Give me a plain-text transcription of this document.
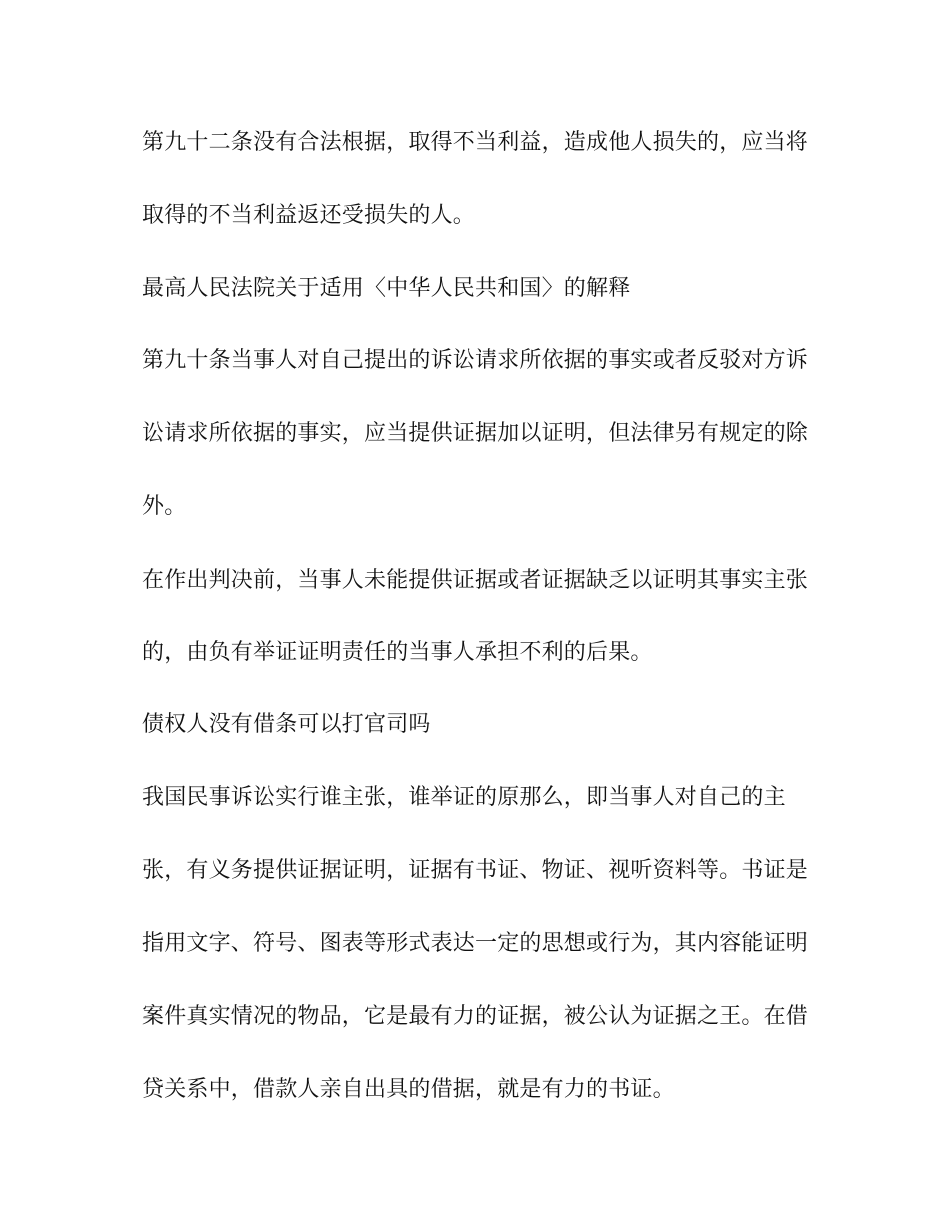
第九十二条没有合法根据，取得不当利益，造成他人损失的，应当将
取得的不当利益返还受损失的人。
最高人民法院关于适用〈中华人民共和国〉的解释
第九十条当事人对自己提出的诉讼请求所依据的事实或者反驳对方诉
讼请求所依据的事实，应当提供证据加以证明，但法律另有规定的除
外。
在作出判决前，当事人未能提供证据或者证据缺乏以证明其事实主张
的，由负有举证证明责任的当事人承担不利的后果。
债权人没有借条可以打官司吗
我国民事诉讼实行谁主张，谁举证的原那么，即当事人对自己的主
张，有义务提供证据证明，证据有书证、物证、视听资料等。书证是
指用文字、符号、图表等形式表达一定的思想或行为，其内容能证明
案件真实情况的物品，它是最有力的证据，被公认为证据之王。在借
贷关系中，借款人亲自出具的借据，就是有力的书证。
